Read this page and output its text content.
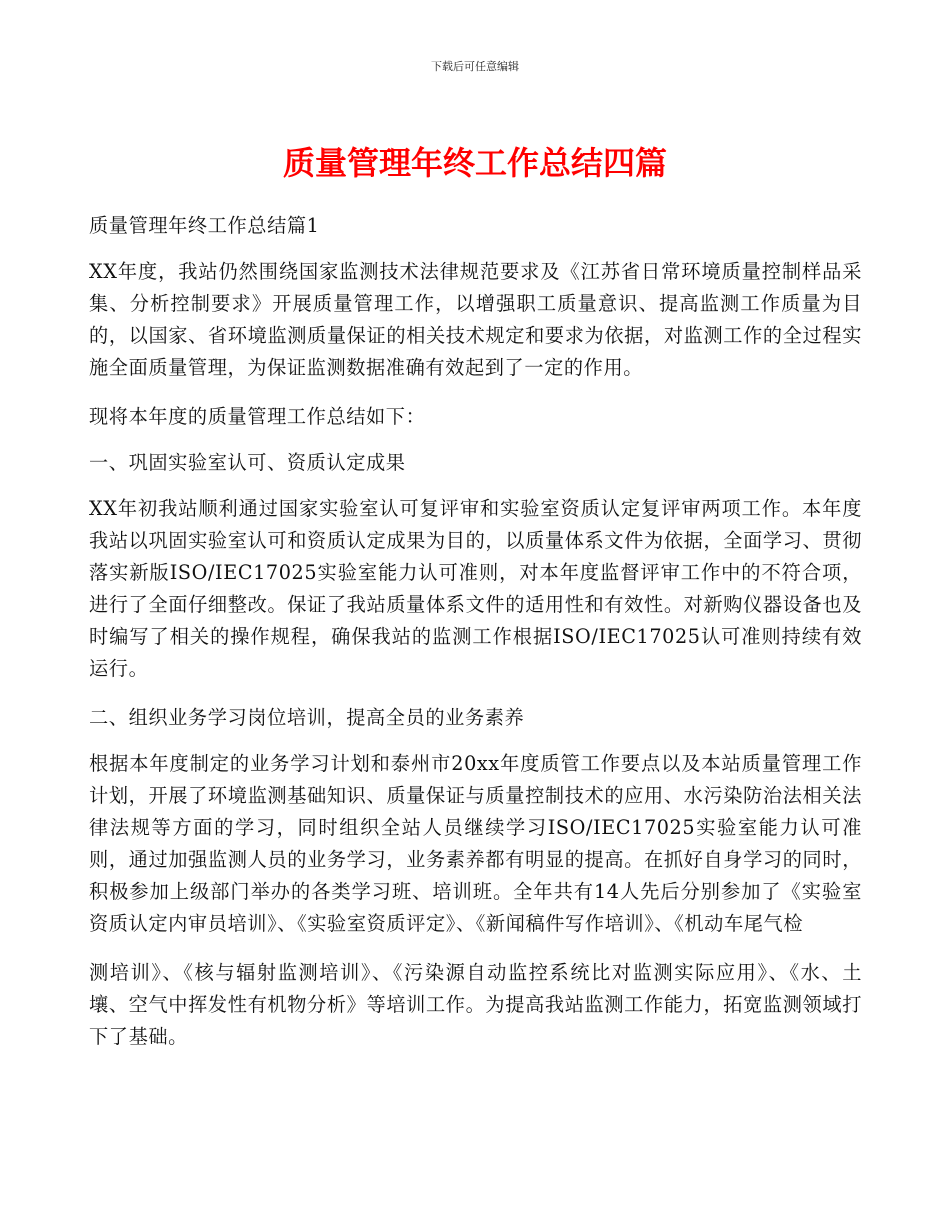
下载后可任意编辑
质量管理年终工作总结四篇

质量管理年终工作总结篇1

XX年度，我站仍然围绕国家监测技术法律规范要求及《江苏省日常环境质量控制样品采集、分析控制要求》开展质量管理工作，以增强职工质量意识、提高监测工作质量为目的，以国家、省环境监测质量保证的相关技术规定和要求为依据，对监测工作的全过程实施全面质量管理，为保证监测数据准确有效起到了一定的作用。

现将本年度的质量管理工作总结如下：

一、巩固实验室认可、资质认定成果

XX年初我站顺利通过国家实验室认可复评审和实验室资质认定复评审两项工作。本年度我站以巩固实验室认可和资质认定成果为目的，以质量体系文件为依据，全面学习、贯彻落实新版ISO/IEC17025实验室能力认可准则，对本年度监督评审工作中的不符合项，进行了全面仔细整改。保证了我站质量体系文件的适用性和有效性。对新购仪器设备也及时编写了相关的操作规程，确保我站的监测工作根据ISO/IEC17025认可准则持续有效运行。

二、组织业务学习岗位培训，提高全员的业务素养

根据本年度制定的业务学习计划和泰州市20xx年度质管工作要点以及本站质量管理工作计划，开展了环境监测基础知识、质量保证与质量控制技术的应用、水污染防治法相关法律法规等方面的学习，同时组织全站人员继续学习ISO/IEC17025实验室能力认可准则，通过加强监测人员的业务学习，业务素养都有明显的提高。在抓好自身学习的同时，积极参加上级部门举办的各类学习班、培训班。全年共有14人先后分别参加了《实验室资质认定内审员培训》、《实验室资质评定》、《新闻稿件写作培训》、《机动车尾气检

测培训》、《核与辐射监测培训》、《污染源自动监控系统比对监测实际应用》、《水、土壤、空气中挥发性有机物分析》等培训工作。为提高我站监测工作能力，拓宽监测领域打下了基础。
